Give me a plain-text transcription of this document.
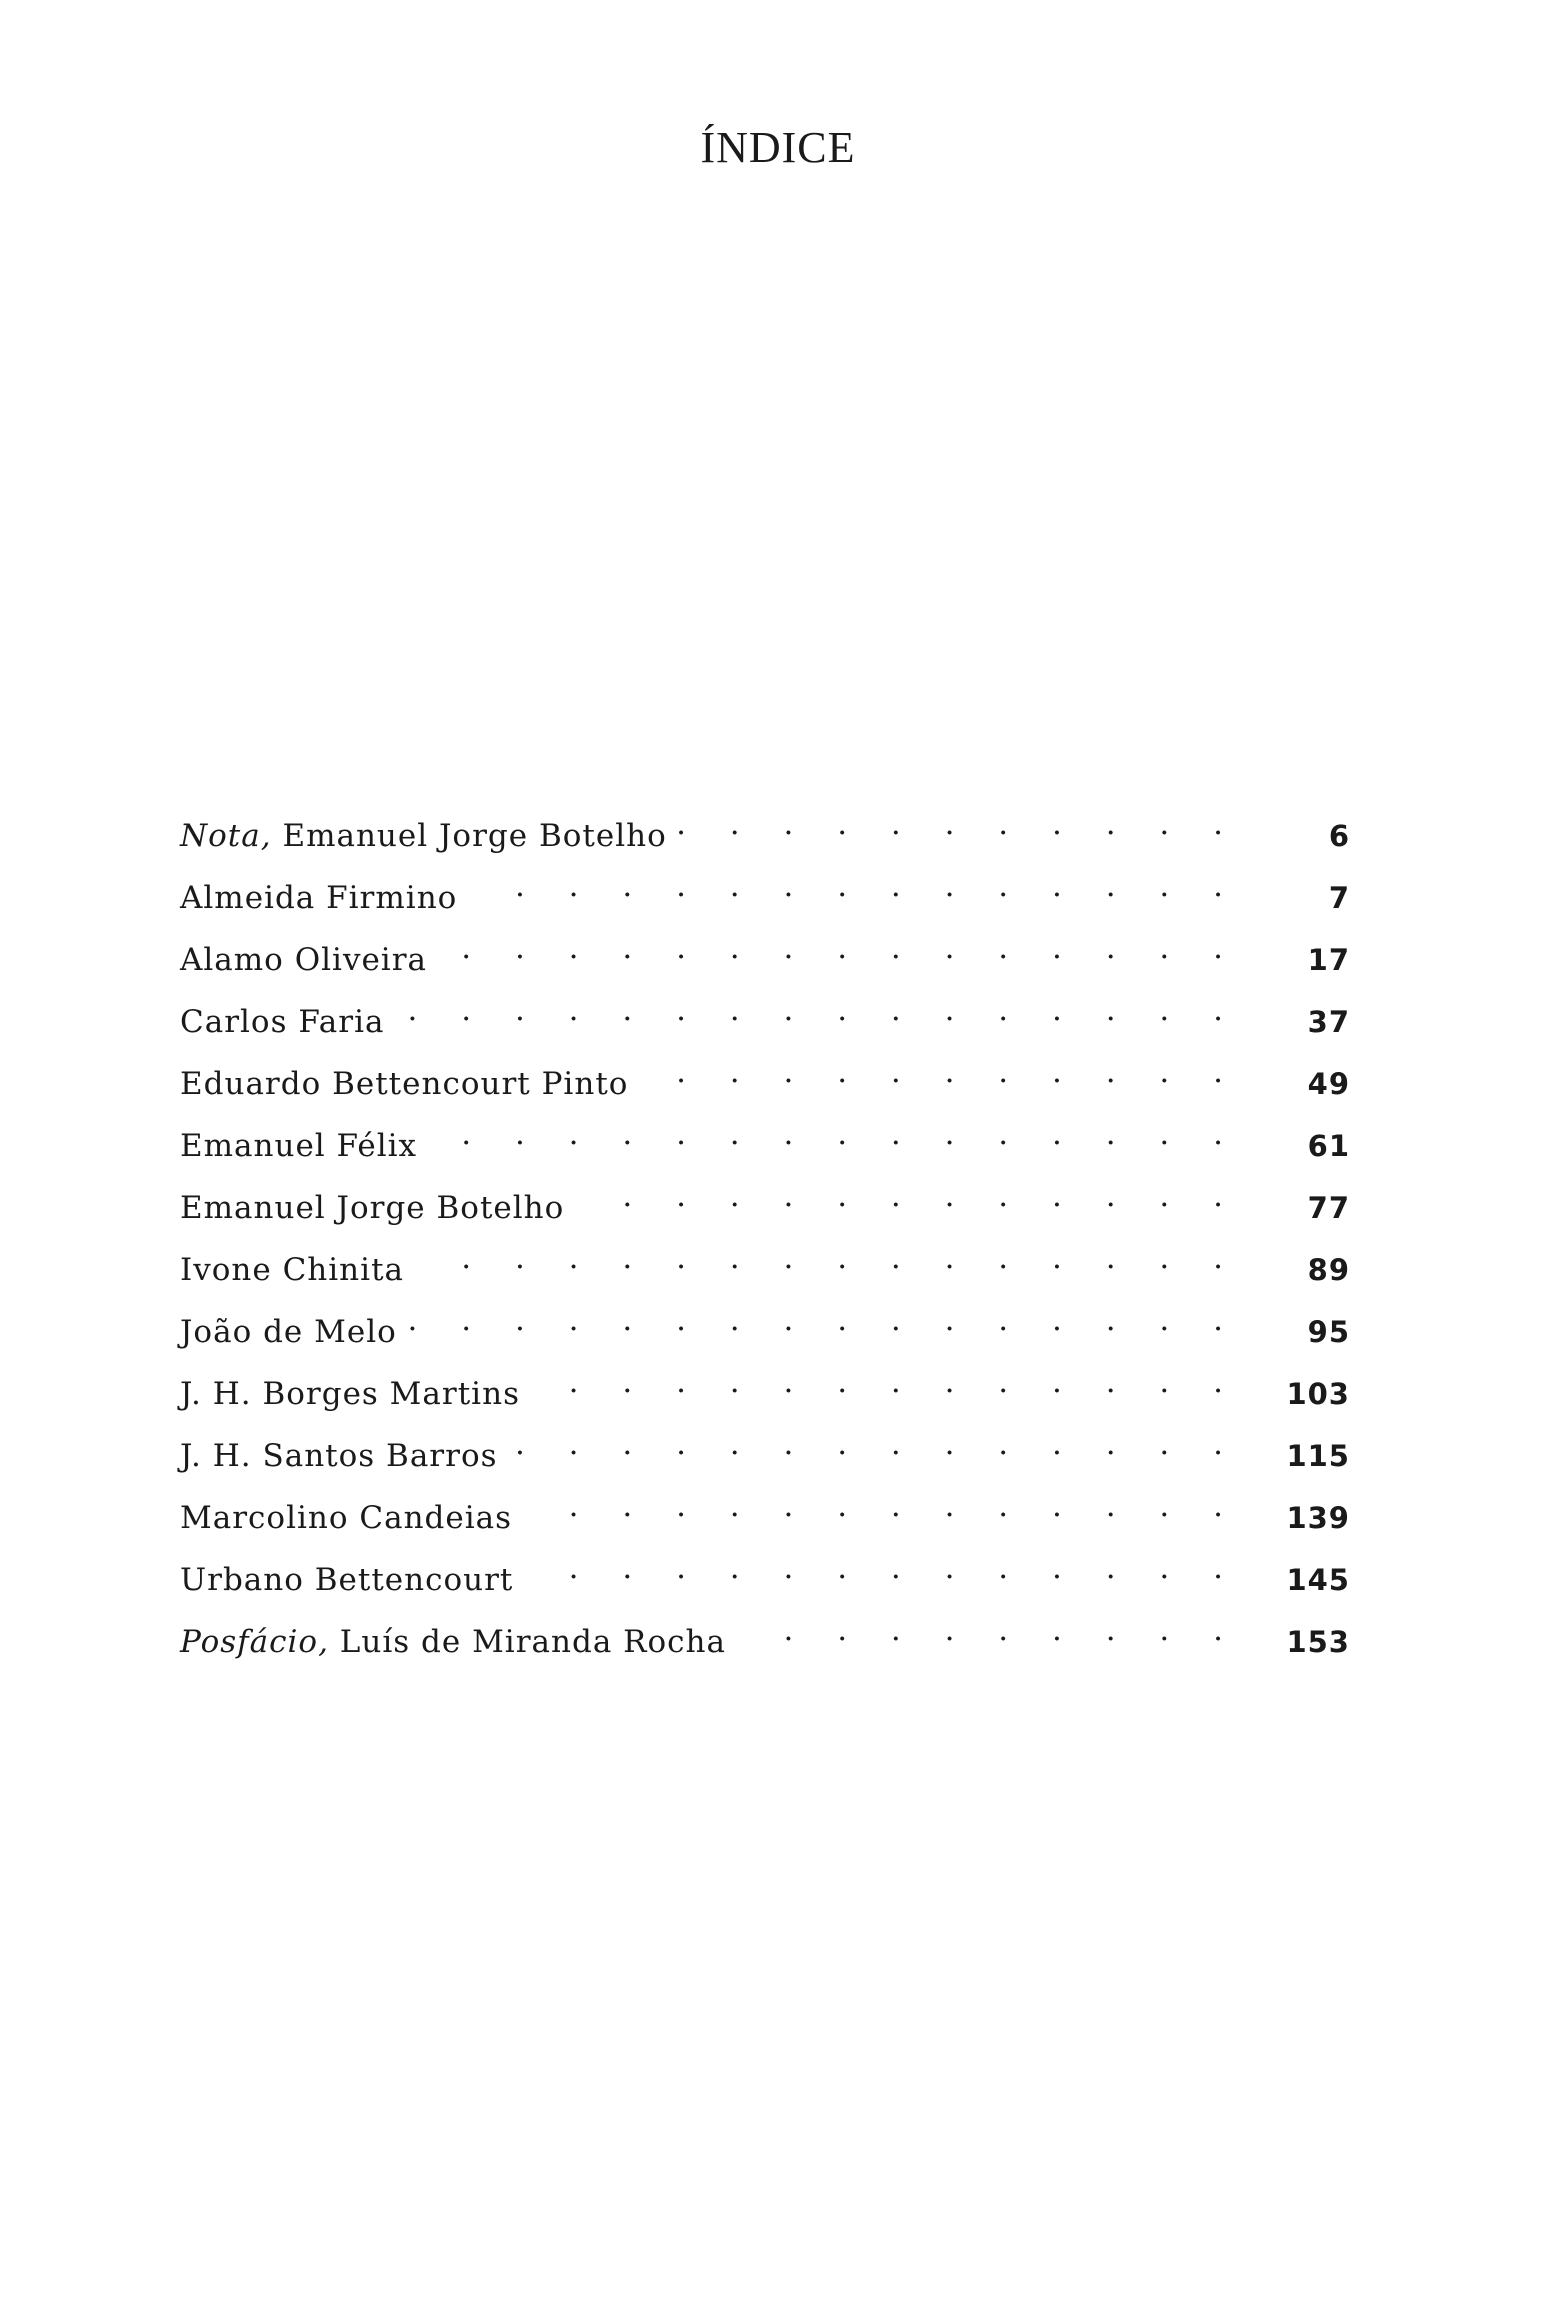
ÍNDICE
Nota, Emanuel Jorge Botelho . . .	6
Almeida Firmino . . .	7
Alamo Oliveira . . .	17
Carlos Faria . . .	37
Eduardo Bettencourt Pinto . . .	49
Emanuel Félix . . .	61
Emanuel Jorge Botelho . . .	77
Ivone Chinita . . .	89
João de Melo . . .	95
J. H. Borges Martins . . .	103
J. H. Santos Barros . . .	115
Marcolino Candeias . . .	139
Urbano Bettencourt . . .	145
Posfácio, Luís de Miranda Rocha . . .	153
